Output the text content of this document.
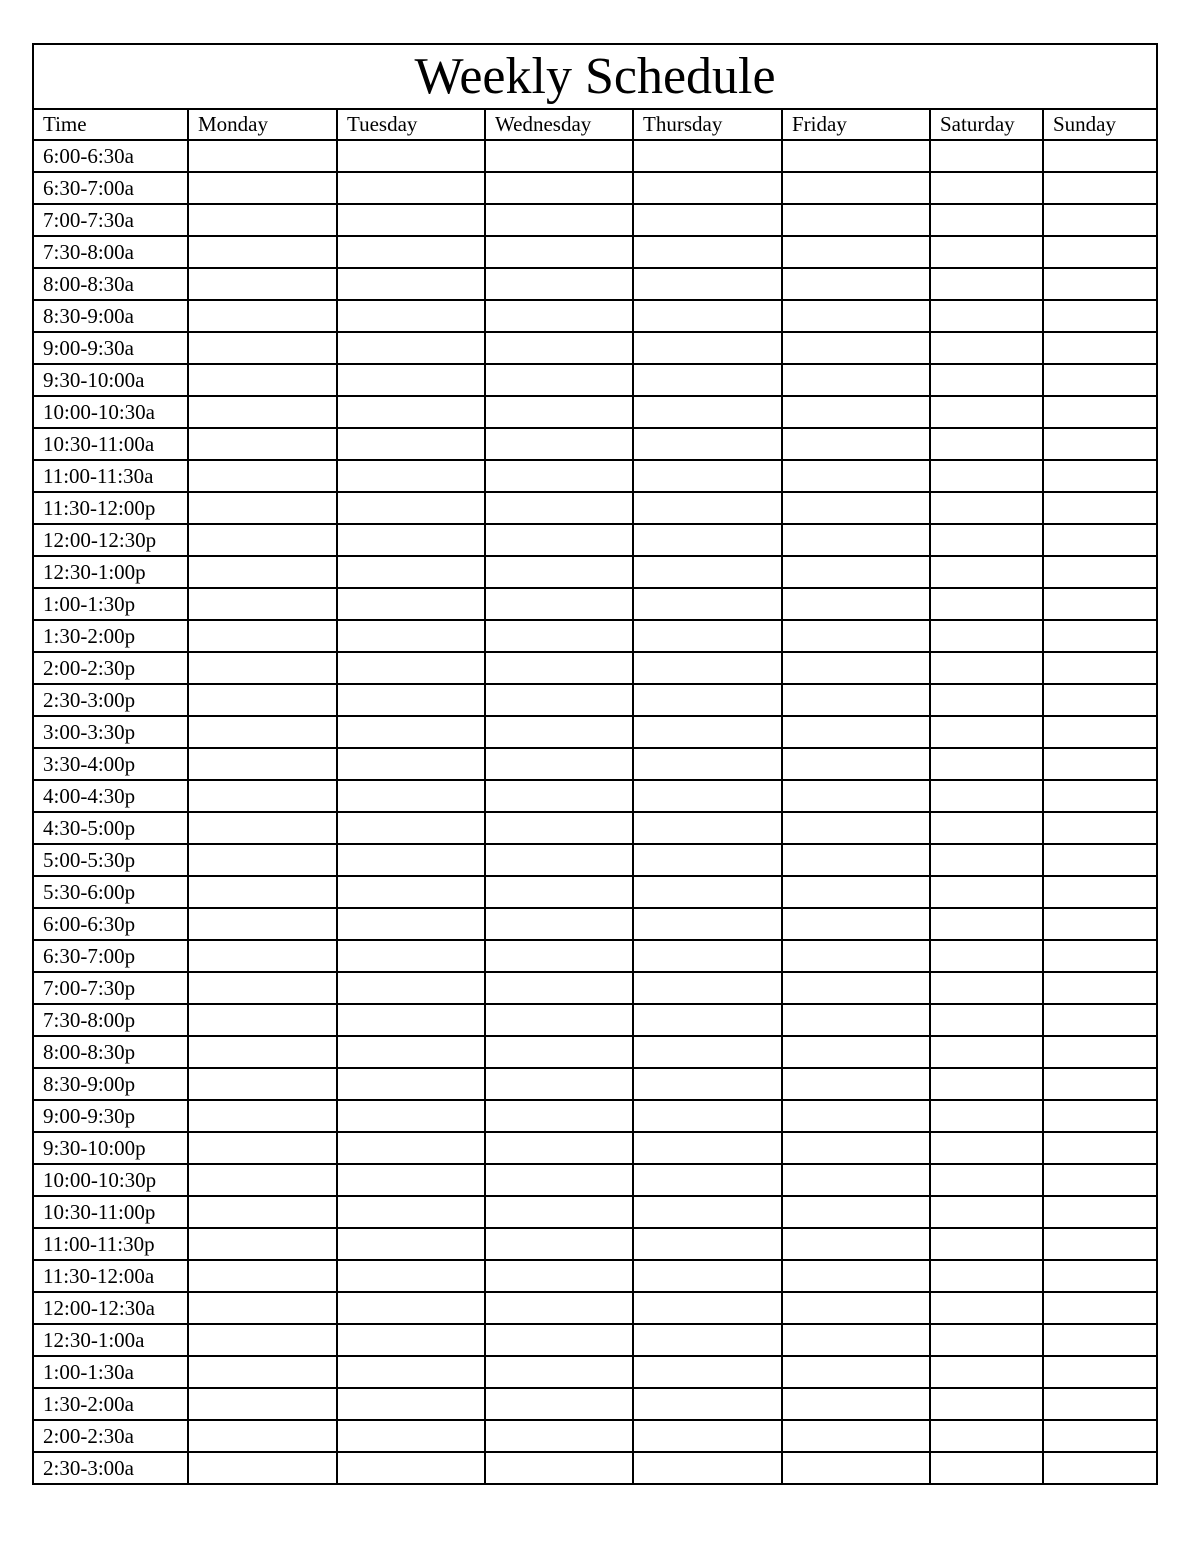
Weekly Schedule							
Time	Monday	Tuesday	Wednesday	Thursday	Friday	Saturday	Sunday
6:00-6:30a							
6:30-7:00a							
7:00-7:30a							
7:30-8:00a							
8:00-8:30a							
8:30-9:00a							
9:00-9:30a							
9:30-10:00a							
10:00-10:30a							
10:30-11:00a							
11:00-11:30a							
11:30-12:00p							
12:00-12:30p							
12:30-1:00p							
1:00-1:30p							
1:30-2:00p							
2:00-2:30p							
2:30-3:00p							
3:00-3:30p							
3:30-4:00p							
4:00-4:30p							
4:30-5:00p							
5:00-5:30p							
5:30-6:00p							
6:00-6:30p							
6:30-7:00p							
7:00-7:30p							
7:30-8:00p							
8:00-8:30p							
8:30-9:00p							
9:00-9:30p							
9:30-10:00p							
10:00-10:30p							
10:30-11:00p							
11:00-11:30p							
11:30-12:00a							
12:00-12:30a							
12:30-1:00a							
1:00-1:30a							
1:30-2:00a							
2:00-2:30a							
2:30-3:00a							
